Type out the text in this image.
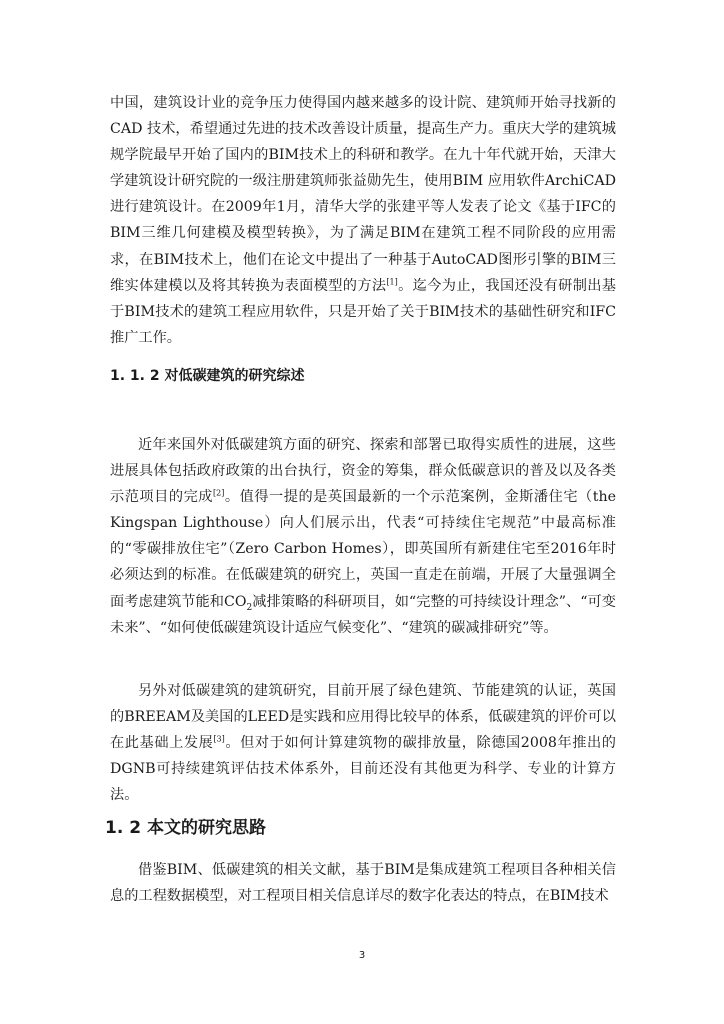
中国，建筑设计业的竞争压力使得国内越来越多的设计院、建筑师开始寻找新的CAD 技术，希望通过先进的技术改善设计质量，提高生产力。重庆大学的建筑城规学院最早开始了国内的BIM技术上的科研和教学。在九十年代就开始，天津大学建筑设计研究院的一级注册建筑师张益勋先生，使用BIM 应用软件ArchiCAD 进行建筑设计。在2009年1月，清华大学的张建平等人发表了论文《基于IFC的BIM三维几何建模及模型转换》，为了满足BIM在建筑工程不同阶段的应用需求，在BIM技术上，他们在论文中提出了一种基于AutoCAD图形引擎的BIM三维实体建模以及将其转换为表面模型的方法[1]。迄今为止，我国还没有研制出基于BIM技术的建筑工程应用软件，只是开始了关于BIM技术的基础性研究和IFC推广工作。

1. 1. 2 对低碳建筑的研究综述

近年来国外对低碳建筑方面的研究、探索和部署已取得实质性的进展，这些进展具体包括政府政策的出台执行，资金的筹集，群众低碳意识的普及以及各类示范项目的完成[2]。值得一提的是英国最新的一个示范案例，金斯潘住宅（the Kingspan Lighthouse）向人们展示出，代表“可持续住宅规范”中最高标准的“零碳排放住宅”（Zero Carbon Homes），即英国所有新建住宅至2016年时必须达到的标准。在低碳建筑的研究上，英国一直走在前端，开展了大量强调全面考虑建筑节能和$CO_2$减排策略的科研项目，如“完整的可持续设计理念”、“可变未来”、“如何使低碳建筑设计适应气候变化”、“建筑的碳减排研究”等。

另外对低碳建筑的建筑研究，目前开展了绿色建筑、节能建筑的认证，英国的BREEAM及美国的LEED是实践和应用得比较早的体系，低碳建筑的评价可以在此基础上发展[3]。但对于如何计算建筑物的碳排放量，除德国2008年推出的DGNB可持续建筑评估技术体系外，目前还没有其他更为科学、专业的计算方法。

1. 2 本文的研究思路

借鉴BIM、低碳建筑的相关文献，基于BIM是集成建筑工程项目各种相关信息的工程数据模型，对工程项目相关信息详尽的数字化表达的特点，在BIM技术

3
